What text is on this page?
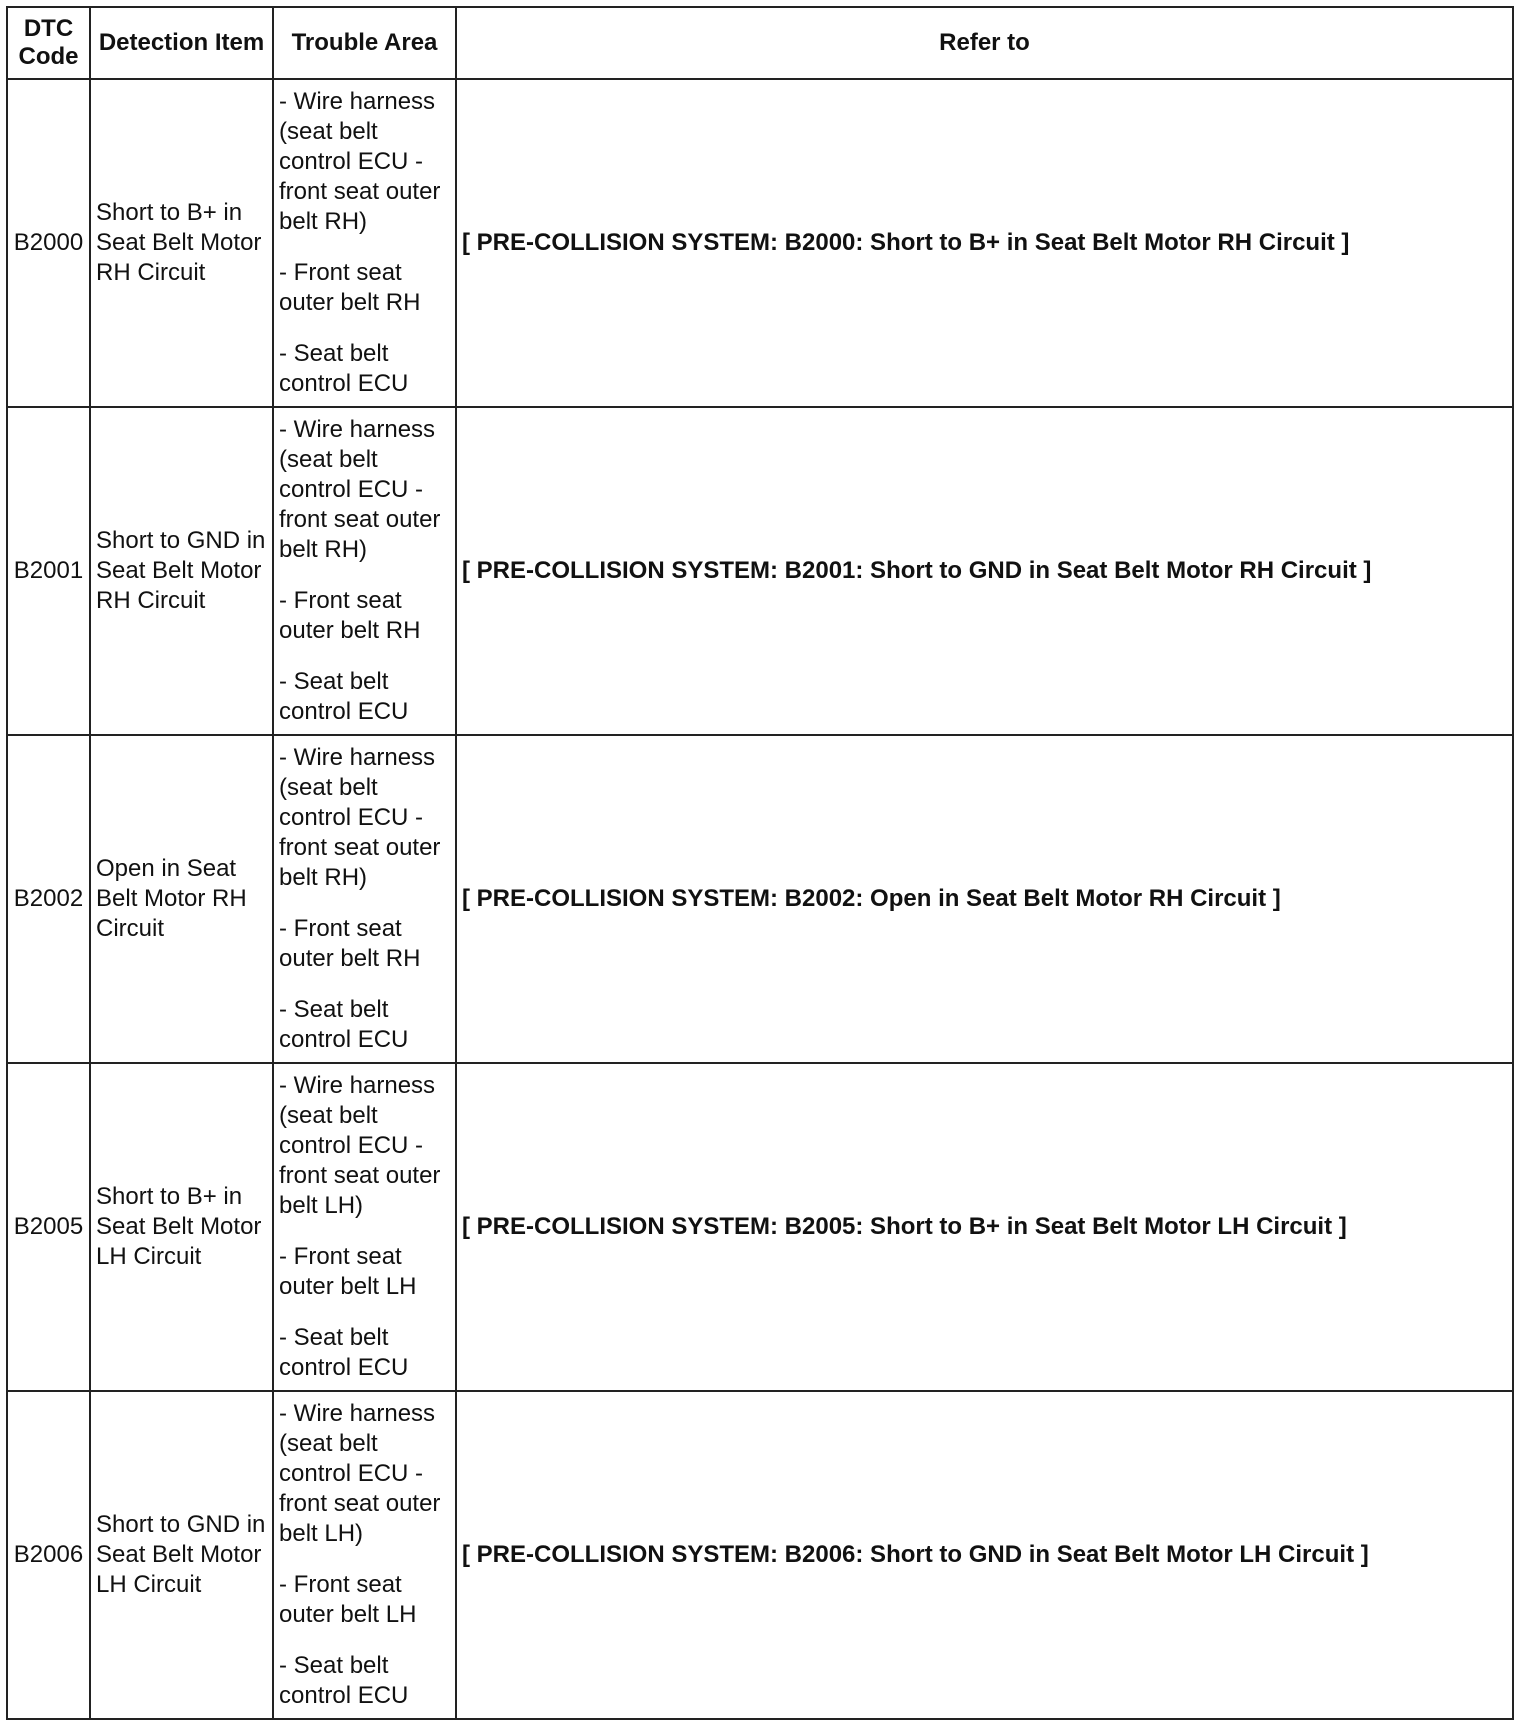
DTC Code	Detection Item	Trouble Area	Refer to
B2000	Short to B+ in Seat Belt Motor RH Circuit	- Wire harness (seat belt control ECU - front seat outer belt RH)

- Front seat outer belt RH

- Seat belt control ECU	[ PRE-COLLISION SYSTEM: B2000: Short to B+ in Seat Belt Motor RH Circuit ]
B2001	Short to GND in Seat Belt Motor RH Circuit	- Wire harness (seat belt control ECU - front seat outer belt RH)

- Front seat outer belt RH

- Seat belt control ECU	[ PRE-COLLISION SYSTEM: B2001: Short to GND in Seat Belt Motor RH Circuit ]
B2002	Open in Seat Belt Motor RH Circuit	- Wire harness (seat belt control ECU - front seat outer belt RH)

- Front seat outer belt RH

- Seat belt control ECU	[ PRE-COLLISION SYSTEM: B2002: Open in Seat Belt Motor RH Circuit ]
B2005	Short to B+ in Seat Belt Motor LH Circuit	- Wire harness (seat belt control ECU - front seat outer belt LH)

- Front seat outer belt LH

- Seat belt control ECU	[ PRE-COLLISION SYSTEM: B2005: Short to B+ in Seat Belt Motor LH Circuit ]
B2006	Short to GND in Seat Belt Motor LH Circuit	- Wire harness (seat belt control ECU - front seat outer belt LH)

- Front seat outer belt LH

- Seat belt control ECU	[ PRE-COLLISION SYSTEM: B2006: Short to GND in Seat Belt Motor LH Circuit ]
